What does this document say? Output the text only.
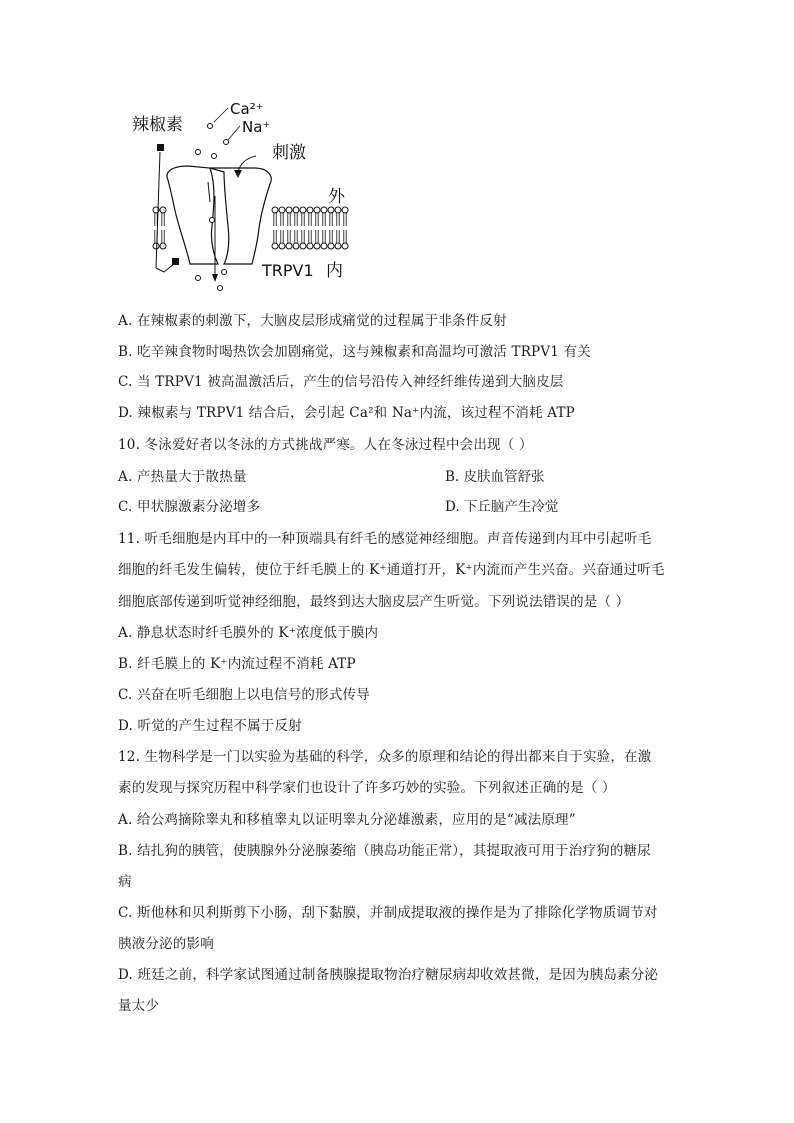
辣椒素
Ca²⁺
Na⁺
刺激
外
TRPV1 内
A. 在辣椒素的刺激下，大脑皮层形成痛觉的过程属于非条件反射
B. 吃辛辣食物时喝热饮会加剧痛觉，这与辣椒素和高温均可激活 TRPV1 有关
C. 当 TRPV1 被高温激活后，产生的信号沿传入神经纤维传递到大脑皮层
D. 辣椒素与 TRPV1 结合后，会引起 Ca²和 Na⁺内流，该过程不消耗 ATP
10. 冬泳爱好者以冬泳的方式挑战严寒。人在冬泳过程中会出现（ ）
A. 产热量大于散热量	B. 皮肤血管舒张
C. 甲状腺激素分泌增多	D. 下丘脑产生冷觉
11. 听毛细胞是内耳中的一种顶端具有纤毛的感觉神经细胞。声音传递到内耳中引起听毛
细胞的纤毛发生偏转，使位于纤毛膜上的 K⁺通道打开，K⁺内流而产生兴奋。兴奋通过听毛
细胞底部传递到听觉神经细胞，最终到达大脑皮层产生听觉。下列说法错误的是（ ）
A. 静息状态时纤毛膜外的 K⁺浓度低于膜内
B. 纤毛膜上的 K⁺内流过程不消耗 ATP
C. 兴奋在听毛细胞上以电信号的形式传导
D. 听觉的产生过程不属于反射
12. 生物科学是一门以实验为基础的科学，众多的原理和结论的得出都来自于实验，在激
素的发现与探究历程中科学家们也设计了许多巧妙的实验。下列叙述正确的是（ ）
A. 给公鸡摘除睾丸和移植睾丸以证明睾丸分泌雄激素，应用的是“减法原理”
B. 结扎狗的胰管，使胰腺外分泌腺萎缩（胰岛功能正常），其提取液可用于治疗狗的糖尿
病
C. 斯他林和贝利斯剪下小肠，刮下黏膜，并制成提取液的操作是为了排除化学物质调节对
胰液分泌的影响
D. 班廷之前，科学家试图通过制备胰腺提取物治疗糖尿病却收效甚微，是因为胰岛素分泌
量太少
